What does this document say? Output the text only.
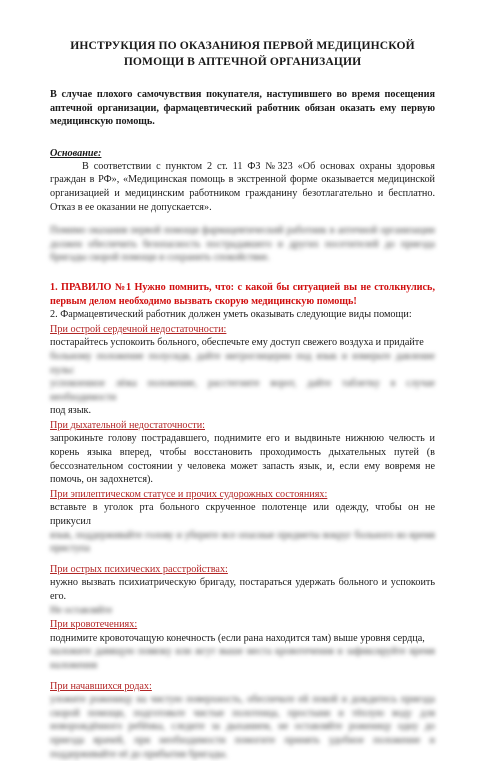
ИНСТРУКЦИЯ ПО ОКАЗАНИЮЯ ПЕРВОЙ МЕДИЦИНСКОЙ ПОМОЩИ В АПТЕЧНОЙ ОРГАНИЗАЦИИ
В случае плохого самочувствия покупателя, наступившего во время посещения аптечной организации, фармацевтический работник обязан оказать ему первую медицинскую помощь.
Основание:
В соответствии с пунктом 2 ст. 11 ФЗ №323 «Об основах охраны здоровья граждан в РФ», «Медицинская помощь в экстренной форме оказывается медицинской организацией и медицинским работником гражданину безотлагательно и бесплатно. Отказ в ее оказании не допускается».
Помимо оказания первой помощи фармацевтический работник в аптечной организации должен обеспечить безопасность пострадавшего и других посетителей до приезда бригады скорой помощи и сохранить спокойствие.
1. ПРАВИЛО №1 Нужно помнить, что: с какой бы ситуацией вы не столкнулись, первым делом необходимо вызвать скорую медицинскую помощь!
2. Фармацевтический работник должен уметь оказывать следующие виды помощи:
При острой сердечной недостаточности:
постарайтесь успокоить больного, обеспечьте ему доступ свежего воздуха и придайте
больному положение полусидя, дайте нитроглицерин под язык и измерьте давление пульс
успокоенное лёжа положение, расстегните ворот, дайте таблетку в случае необходимости
под язык.
При дыхательной недостаточности:
запрокиньте голову пострадавшего, поднимите его и выдвиньте нижнюю челюсть и корень языка вперед, чтобы восстановить проходимость дыхательных путей (в бессознательном состоянии у человека может запасть язык, и, если ему вовремя не помочь, он задохнется).
При эпилептическом статусе и прочих судорожных состояниях:
вставьте в уголок рта больного скрученное полотенце или одежду, чтобы он не прикусил
язык, поддерживайте голову и уберите все опасные предметы вокруг больного во время приступа
При острых психических расстройствах:
нужно вызвать психиатрическую бригаду, постараться удержать больного и успокоить его.
Не оставляйте
При кровотечениях:
поднимите кровоточащую конечность (если рана находится там) выше уровня сердца,
наложите давящую повязку или жгут выше места кровотечения и зафиксируйте время наложения
При начавшихся родах:
уложите роженицу на чистую поверхность, обеспечьте ей покой и дождитесь приезда скорой помощи, подготовьте чистые полотенца, простыни и тёплую воду для новорождённого ребёнка, следите за дыханием, не оставляйте роженицу одну до приезда врачей, при необходимости помогите принять удобное положение и поддерживайте её до прибытия бригады.
